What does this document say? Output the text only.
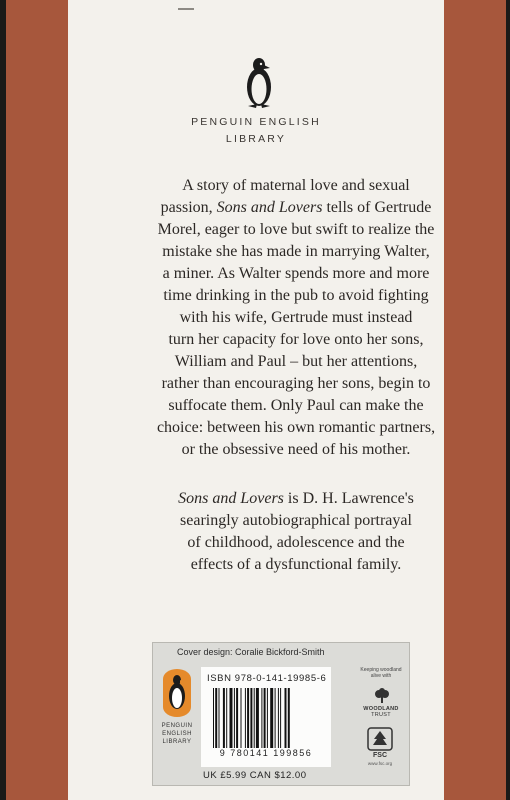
PENGUIN ENGLISH
LIBRARY
A story of maternal love and sexual
passion, Sons and Lovers tells of Gertrude
Morel, eager to love but swift to realize the
mistake she has made in marrying Walter,
a miner. As Walter spends more and more
time drinking in the pub to avoid fighting
with his wife, Gertrude must instead
turn her capacity for love onto her sons,
William and Paul – but her attentions,
rather than encouraging her sons, begin to
suffocate them. Only Paul can make the
choice: between his own romantic partners,
or the obsessive need of his mother.
Sons and Lovers is D. H. Lawrence's
searingly autobiographical portrayal
of childhood, adolescence and the
effects of a dysfunctional family.
Cover design: Coralie Bickford-Smith
PENGUIN
ENGLISH
LIBRARY
ISBN 978-0-141-19985-6
9 780141 199856
UK £5.99 CAN $12.00
Keeping woodland alive with
WOODLAND
TRUST
FSC
www.fsc.org
